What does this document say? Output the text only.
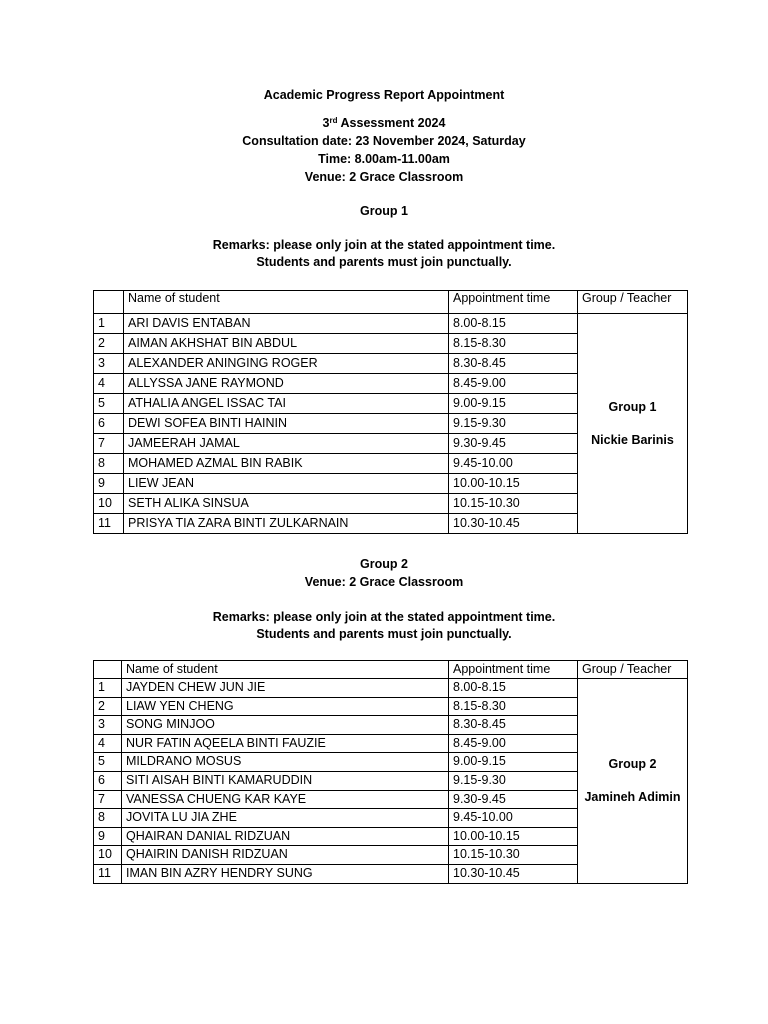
Academic Progress Report Appointment
3rd Assessment 2024
Consultation date: 23 November 2024, Saturday
Time: 8.00am-11.00am
Venue: 2 Grace Classroom
Group 1
Remarks: please only join at the stated appointment time.
Students and parents must join punctually.
	Name of student	Appointment time	Group / Teacher
1	ARI DAVIS ENTABAN	8.00-8.15	Group 1
Nickie Barinis

2	AIMAN AKHSHAT BIN ABDUL	8.15-8.30	
3	ALEXANDER ANINGING ROGER	8.30-8.45	
4	ALLYSSA JANE RAYMOND	8.45-9.00	
5	ATHALIA ANGEL ISSAC TAI	9.00-9.15	
6	DEWI SOFEA BINTI HAININ	9.15-9.30	
7	JAMEERAH JAMAL	9.30-9.45	
8	MOHAMED AZMAL BIN RABIK	9.45-10.00	
9	LIEW JEAN	10.00-10.15	
10	SETH ALIKA SINSUA	10.15-10.30	
11	PRISYA TIA ZARA BINTI ZULKARNAIN	10.30-10.45	
Group 2
Venue: 2 Grace Classroom
Remarks: please only join at the stated appointment time.
Students and parents must join punctually.
	Name of student	Appointment time	Group / Teacher
1	JAYDEN CHEW JUN JIE	8.00-8.15	Group 2
Jamineh Adimin

2	LIAW YEN CHENG	8.15-8.30	
3	SONG MINJOO	8.30-8.45	
4	NUR FATIN AQEELA BINTI FAUZIE	8.45-9.00	
5	MILDRANO MOSUS	9.00-9.15	
6	SITI AISAH BINTI KAMARUDDIN	9.15-9.30	
7	VANESSA CHUENG KAR KAYE	9.30-9.45	
8	JOVITA LU JIA ZHE	9.45-10.00	
9	QHAIRAN DANIAL RIDZUAN	10.00-10.15	
10	QHAIRIN DANISH RIDZUAN	10.15-10.30	
11	IMAN BIN AZRY HENDRY SUNG	10.30-10.45	
